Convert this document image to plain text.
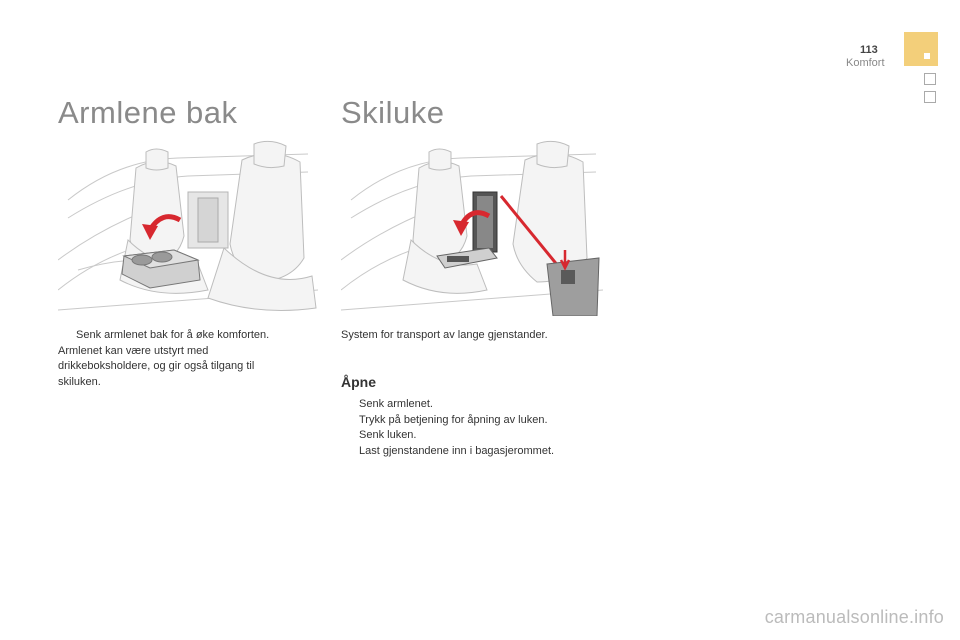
113
Komfort
Armlene bak
Senk armlenet bak for å øke komforten.
Armlenet kan være utstyrt med
drikkeboksholdere, og gir også tilgang til
skiluken.
Skiluke
System for transport av lange gjenstander.
Åpne
Senk armlenet.
Trykk på betjening for åpning av luken.
Senk luken.
Last gjenstandene inn i bagasjerommet.
carmanualsonline.info
